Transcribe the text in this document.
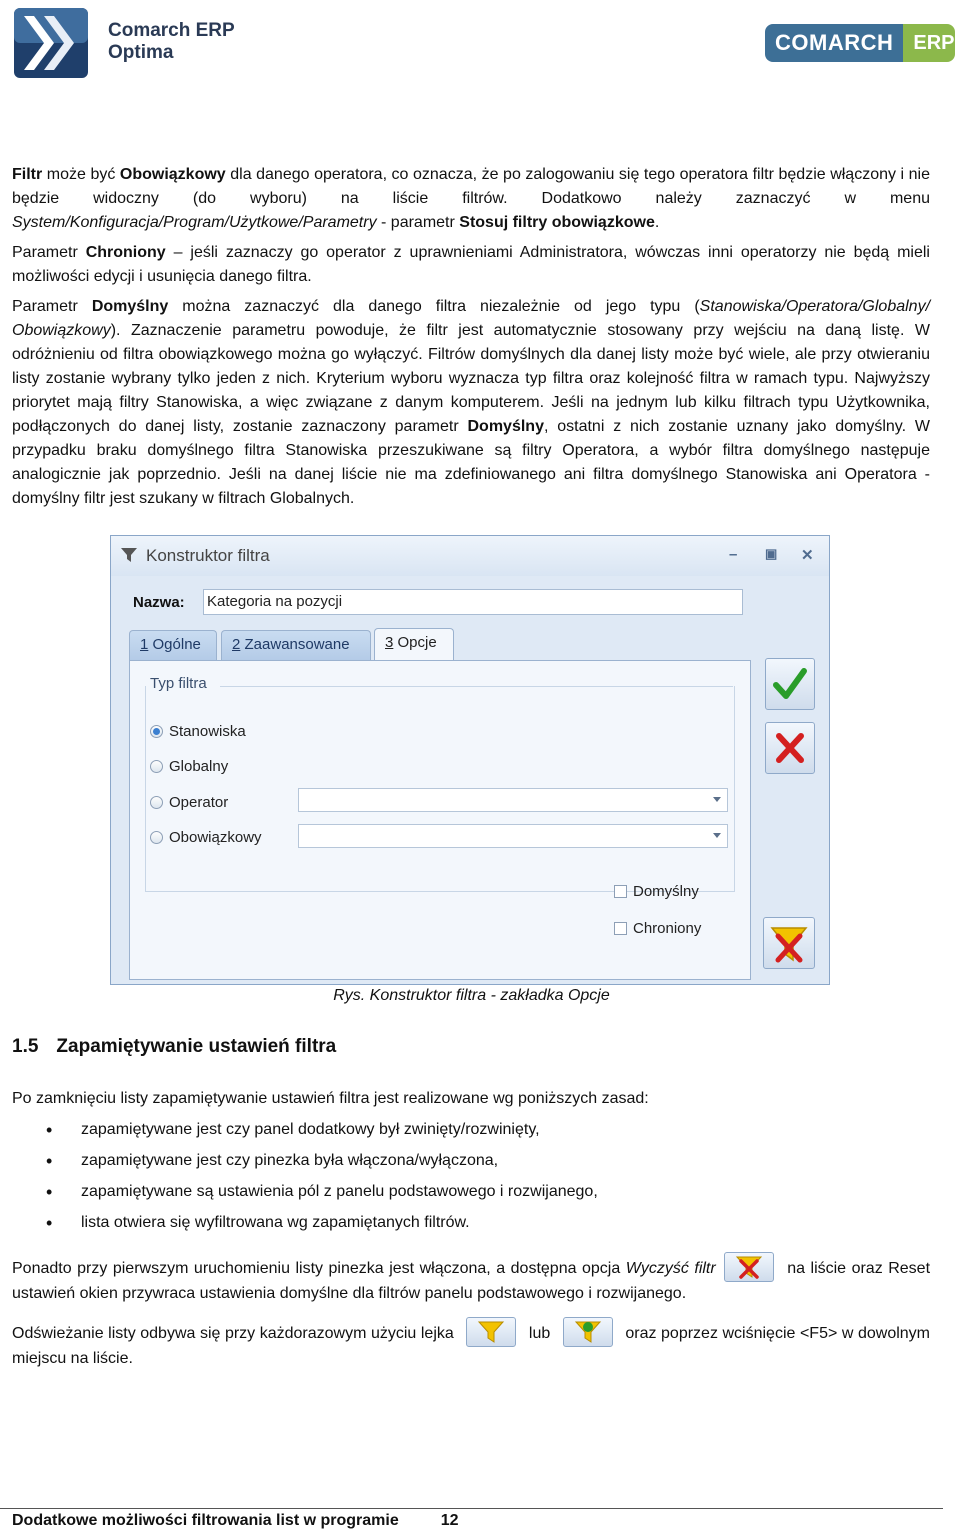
Comarch ERP
Optima	COMARCH	ERP
Filtr może być Obowiązkowy dla danego operatora, co oznacza, że po zalogowaniu się tego operatora filtr będzie włączony i nie będzie widoczny (do wyboru) na liście filtrów. Dodatkowo należy zaznaczyć w menu System/Konfiguracja/Program/Użytkowe/Parametry - parametr Stosuj filtry obowiązkowe.
Parametr Chroniony – jeśli zaznaczy go operator z uprawnieniami Administratora, wówczas inni operatorzy nie będą mieli możliwości edycji i usunięcia danego filtra.
Parametr Domyślny można zaznaczyć dla danego filtra niezależnie od jego typu (Stanowiska/Operatora/Globalny/ Obowiązkowy). Zaznaczenie parametru powoduje, że filtr jest automatycznie stosowany przy wejściu na daną listę. W odróżnieniu od filtra obowiązkowego można go wyłączyć. Filtrów domyślnych dla danej listy może być wiele, ale przy otwieraniu listy zostanie wybrany tylko jeden z nich. Kryterium wyboru wyznacza typ filtra oraz kolejność filtra w ramach typu. Najwyższy priorytet mają filtry Stanowiska, a więc związane z danym komputerem. Jeśli na jednym lub kilku filtrach typu Użytkownika, podłączonych do danej listy, zostanie zaznaczony parametr Domyślny, ostatni z nich zostanie uznany jako domyślny. W przypadku braku domyślnego filtra Stanowiska przeszukiwane są filtry Operatora, a wybór filtra domyślnego następuje analogicznie jak poprzednio. Jeśli na danej liście nie ma zdefiniowanego ani filtra domyślnego Stanowiska ani Operatora - domyślny filtr jest szukany w filtrach Globalnych.
Konstruktor filtra	– ▣ ✕
Nazwa: Kategoria na pozycji
1 Ogólne	2 Zaawansowane	3 Opcje
Typ filtra
Stanowiska
Globalny
Operator
Obowiązkowy
Domyślny
Chroniony
Rys. Konstruktor filtra - zakładka Opcje
1.5 Zapamiętywanie ustawień filtra
Po zamknięciu listy zapamiętywanie ustawień filtra jest realizowane wg poniższych zasad:
• zapamiętywane jest czy panel dodatkowy był zwinięty/rozwinięty,
• zapamiętywane jest czy pinezka była włączona/wyłączona,
• zapamiętywane są ustawienia pól z panelu podstawowego i rozwijanego,
• lista otwiera się wyfiltrowana wg zapamiętanych filtrów.
Ponadto przy pierwszym uruchomieniu listy pinezka jest włączona, a dostępna opcja Wyczyść filtr	na liście oraz Reset ustawień okien przywraca ustawienia domyślne dla filtrów panelu podstawowego i rozwijanego.
Odświeżanie listy odbywa się przy każdorazowym użyciu lejka	lub	oraz poprzez wciśnięcie <F5> w dowolnym miejscu na liście.
Dodatkowe możliwości filtrowania list w programie	12
